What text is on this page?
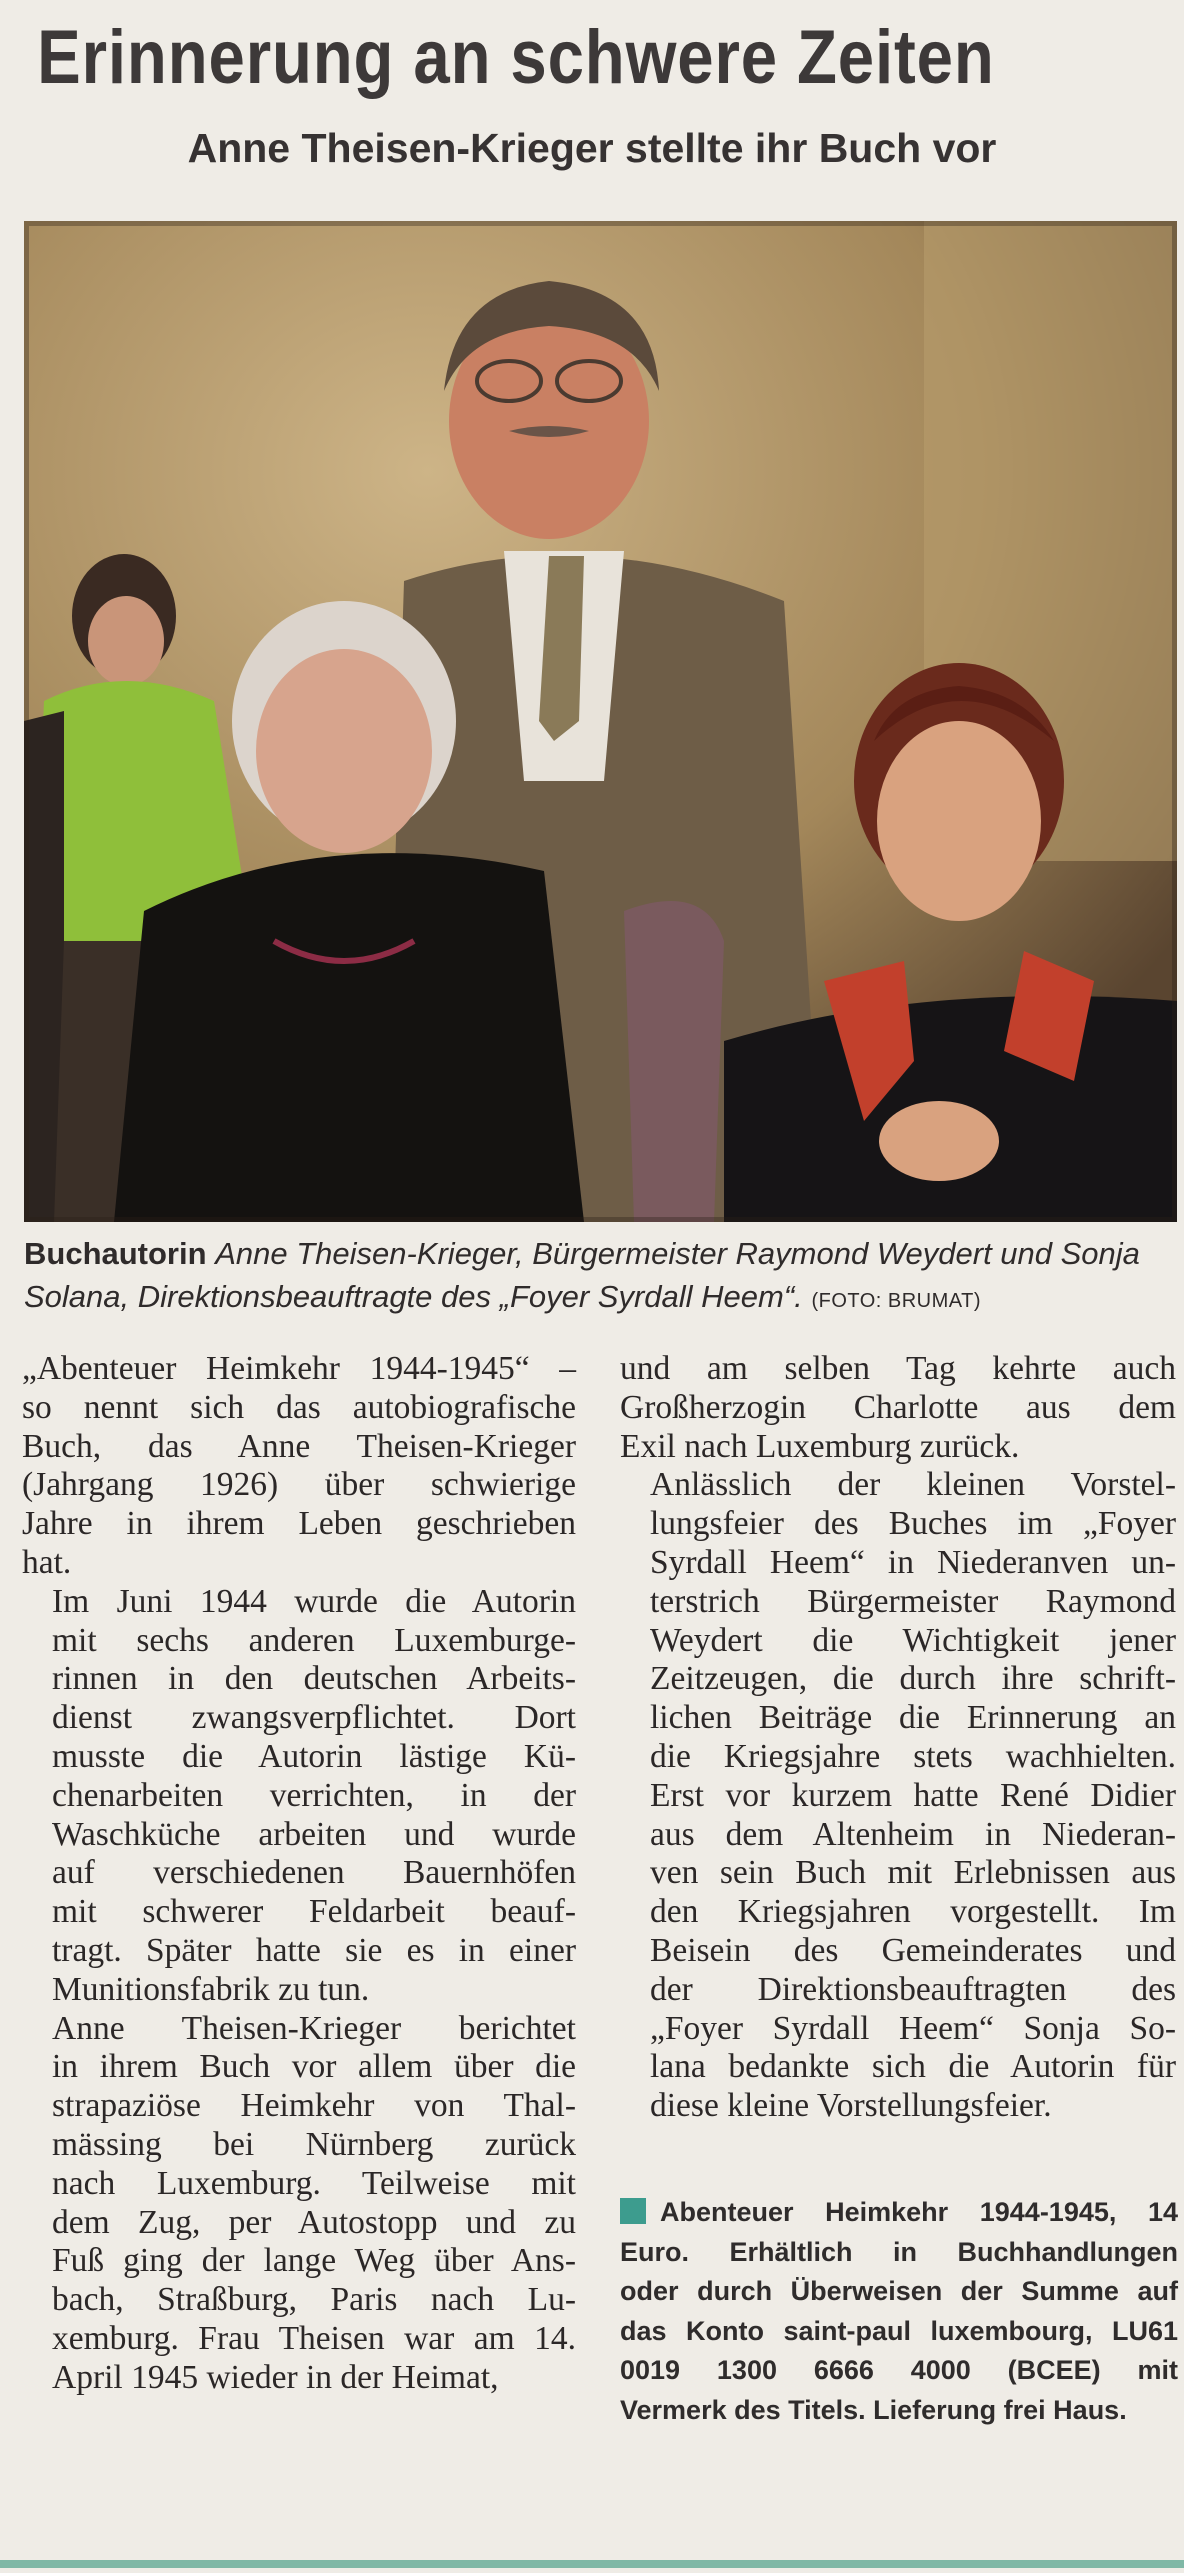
Erinnerung an schwere Zeiten
Anne Theisen-Krieger stellte ihr Buch vor
Buchautorin Anne Theisen-Krieger, Bürgermeister Raymond Weydert und Sonja Solana, Direktionsbeauftragte des „Foyer Syrdall Heem“. (FOTO: BRUMAT)

„Abenteuer Heimkehr 1944-1945“ –
so nennt sich das autobiografische
Buch, das Anne Theisen-Krieger
(Jahrgang 1926) über schwierige
Jahre in ihrem Leben geschrieben
hat.

Im Juni 1944 wurde die Autorin
mit sechs anderen Luxemburge-
rinnen in den deutschen Arbeits-
dienst zwangsverpflichtet. Dort
musste die Autorin lästige Kü-
chenarbeiten verrichten, in der
Waschküche arbeiten und wurde
auf verschiedenen Bauernhöfen
mit schwerer Feldarbeit beauf-
tragt. Später hatte sie es in einer
Munitionsfabrik zu tun.

Anne Theisen-Krieger berichtet
in ihrem Buch vor allem über die
strapaziöse Heimkehr von Thal-
mässing bei Nürnberg zurück
nach Luxemburg. Teilweise mit
dem Zug, per Autostopp und zu
Fuß ging der lange Weg über Ans-
bach, Straßburg, Paris nach Lu-
xemburg. Frau Theisen war am 14.
April 1945 wieder in der Heimat,

und am selben Tag kehrte auch
Großherzogin Charlotte aus dem
Exil nach Luxemburg zurück.

Anlässlich der kleinen Vorstel-
lungsfeier des Buches im „Foyer
Syrdall Heem“ in Niederanven un-
terstrich Bürgermeister Raymond
Weydert die Wichtigkeit jener
Zeitzeugen, die durch ihre schrift-
lichen Beiträge die Erinnerung an
die Kriegsjahre stets wachhielten.
Erst vor kurzem hatte René Didier
aus dem Altenheim in Niederan-
ven sein Buch mit Erlebnissen aus
den Kriegsjahren vorgestellt. Im
Beisein des Gemeinderates und
der Direktionsbeauftragten des
„Foyer Syrdall Heem“ Sonja So-
lana bedankte sich die Autorin für
diese kleine Vorstellungsfeier.

Abenteuer Heimkehr 1944-1945, 14
Euro. Erhältlich in Buchhandlungen
oder durch Überweisen der Summe auf
das Konto saint-paul luxembourg, LU61
0019 1300 6666 4000 (BCEE) mit
Vermerk des Titels. Lieferung frei Haus.
